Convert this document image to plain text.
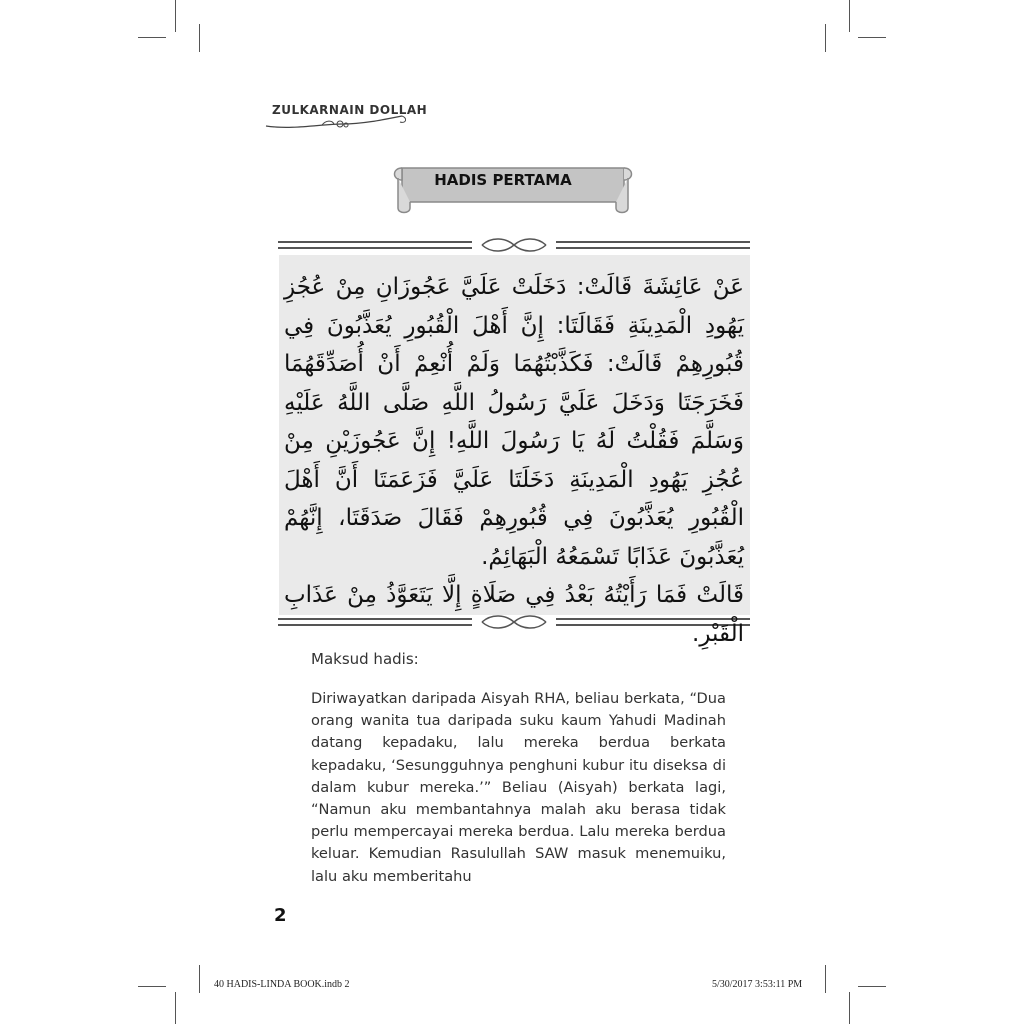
ZULKARNAIN DOLLAH
HADIS PERTAMA

عَنْ عَائِشَةَ قَالَتْ: دَخَلَتْ عَلَيَّ عَجُوزَانِ مِنْ عُجُزِ يَهُودِ الْمَدِينَةِ فَقَالَتَا: إِنَّ أَهْلَ الْقُبُورِ يُعَذَّبُونَ فِي قُبُورِهِمْ قَالَتْ: فَكَذَّبْتُهُمَا وَلَمْ أُنْعِمْ أَنْ أُصَدِّقَهُمَا فَخَرَجَتَا وَدَخَلَ عَلَيَّ رَسُولُ اللَّهِ صَلَّى اللَّهُ عَلَيْهِ وَسَلَّمَ فَقُلْتُ لَهُ يَا رَسُولَ اللَّهِ! إِنَّ عَجُوزَيْنِ مِنْ عُجُزِ يَهُودِ الْمَدِينَةِ دَخَلَتَا عَلَيَّ فَزَعَمَتَا أَنَّ أَهْلَ الْقُبُورِ يُعَذَّبُونَ فِي قُبُورِهِمْ فَقَالَ صَدَقَتَا، إِنَّهُمْ يُعَذَّبُونَ عَذَابًا تَسْمَعُهُ الْبَهَائِمُ.

قَالَتْ فَمَا رَأَيْتُهُ بَعْدُ فِي صَلَاةٍ إِلَّا يَتَعَوَّذُ مِنْ عَذَابِ الْقَبْرِ.

Maksud hadis:
Diriwayatkan daripada Aisyah RHA, beliau berkata, “Dua orang wanita tua daripada suku kaum Yahudi Madinah datang kepadaku, lalu mereka berdua berkata kepadaku, ‘Sesungguhnya penghuni kubur itu diseksa di dalam kubur mereka.’” Beliau (Aisyah) berkata lagi, “Namun aku membantahnya malah aku berasa tidak perlu mempercayai mereka berdua. Lalu mereka berdua keluar. Kemudian Rasulullah SAW masuk menemuiku, lalu aku memberitahu
2
40 HADIS-LINDA BOOK.indb 2	5/30/2017 3:53:11 PM
